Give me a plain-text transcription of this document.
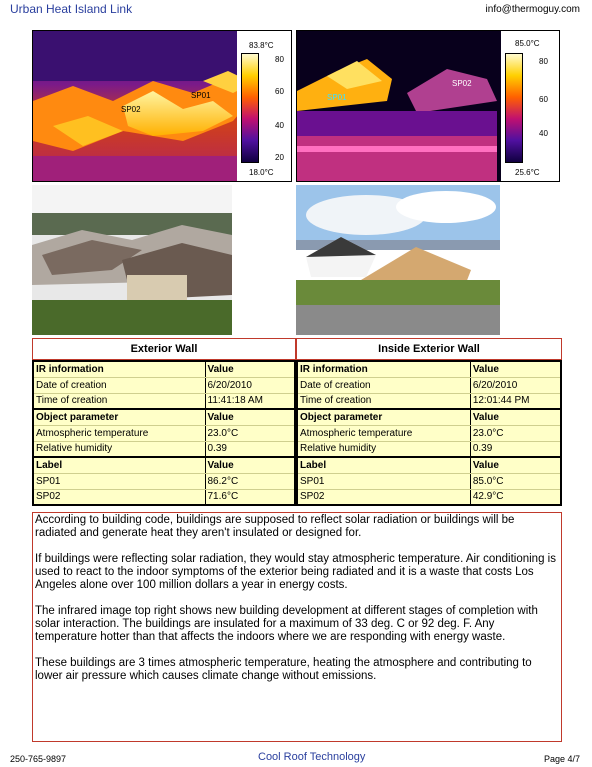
Urban Heat Island Link	info@thermoguy.com
SP02
SP01
83.8°C
80
60
40
20
18.0°C
SP01
SP02
85.0°C
80
60
40
25.6°C
Exterior Wall	Inside Exterior Wall
IR information	Value
Date of creation	6/20/2010
Time of creation	11:41:18 AM
Object parameter	Value
Atmospheric temperature	23.0°C
Relative humidity	0.39
Label	Value
SP01	86.2°C
SP02	71.6°C
IR information	Value
Date of creation	6/20/2010
Time of creation	12:01:44 PM
Object parameter	Value
Atmospheric temperature	23.0°C
Relative humidity	0.39
Label	Value
SP01	85.0°C
SP02	42.9°C

According to building code, buildings are supposed to reflect solar radiation or buildings will be radiated and generate heat they aren't insulated or designed for.

If buildings were reflecting solar radiation, they would stay atmospheric temperature. Air conditioning is used to react to the indoor symptoms of the exterior being radiated and it is a waste that costs Los Angeles alone over 100 million dollars a year in energy costs.

The infrared image top right shows new building development at different stages of completion with solar interaction. The buildings are insulated for a maximum of 33 deg. C or 92 deg. F. Any temperature hotter than that affects the indoors where we are responding with energy waste.

These buildings are 3 times atmospheric temperature, heating the atmosphere and contributing to lower air pressure which causes climate change without emissions.

250-765-9897	Cool Roof Technology	Page 4/7
